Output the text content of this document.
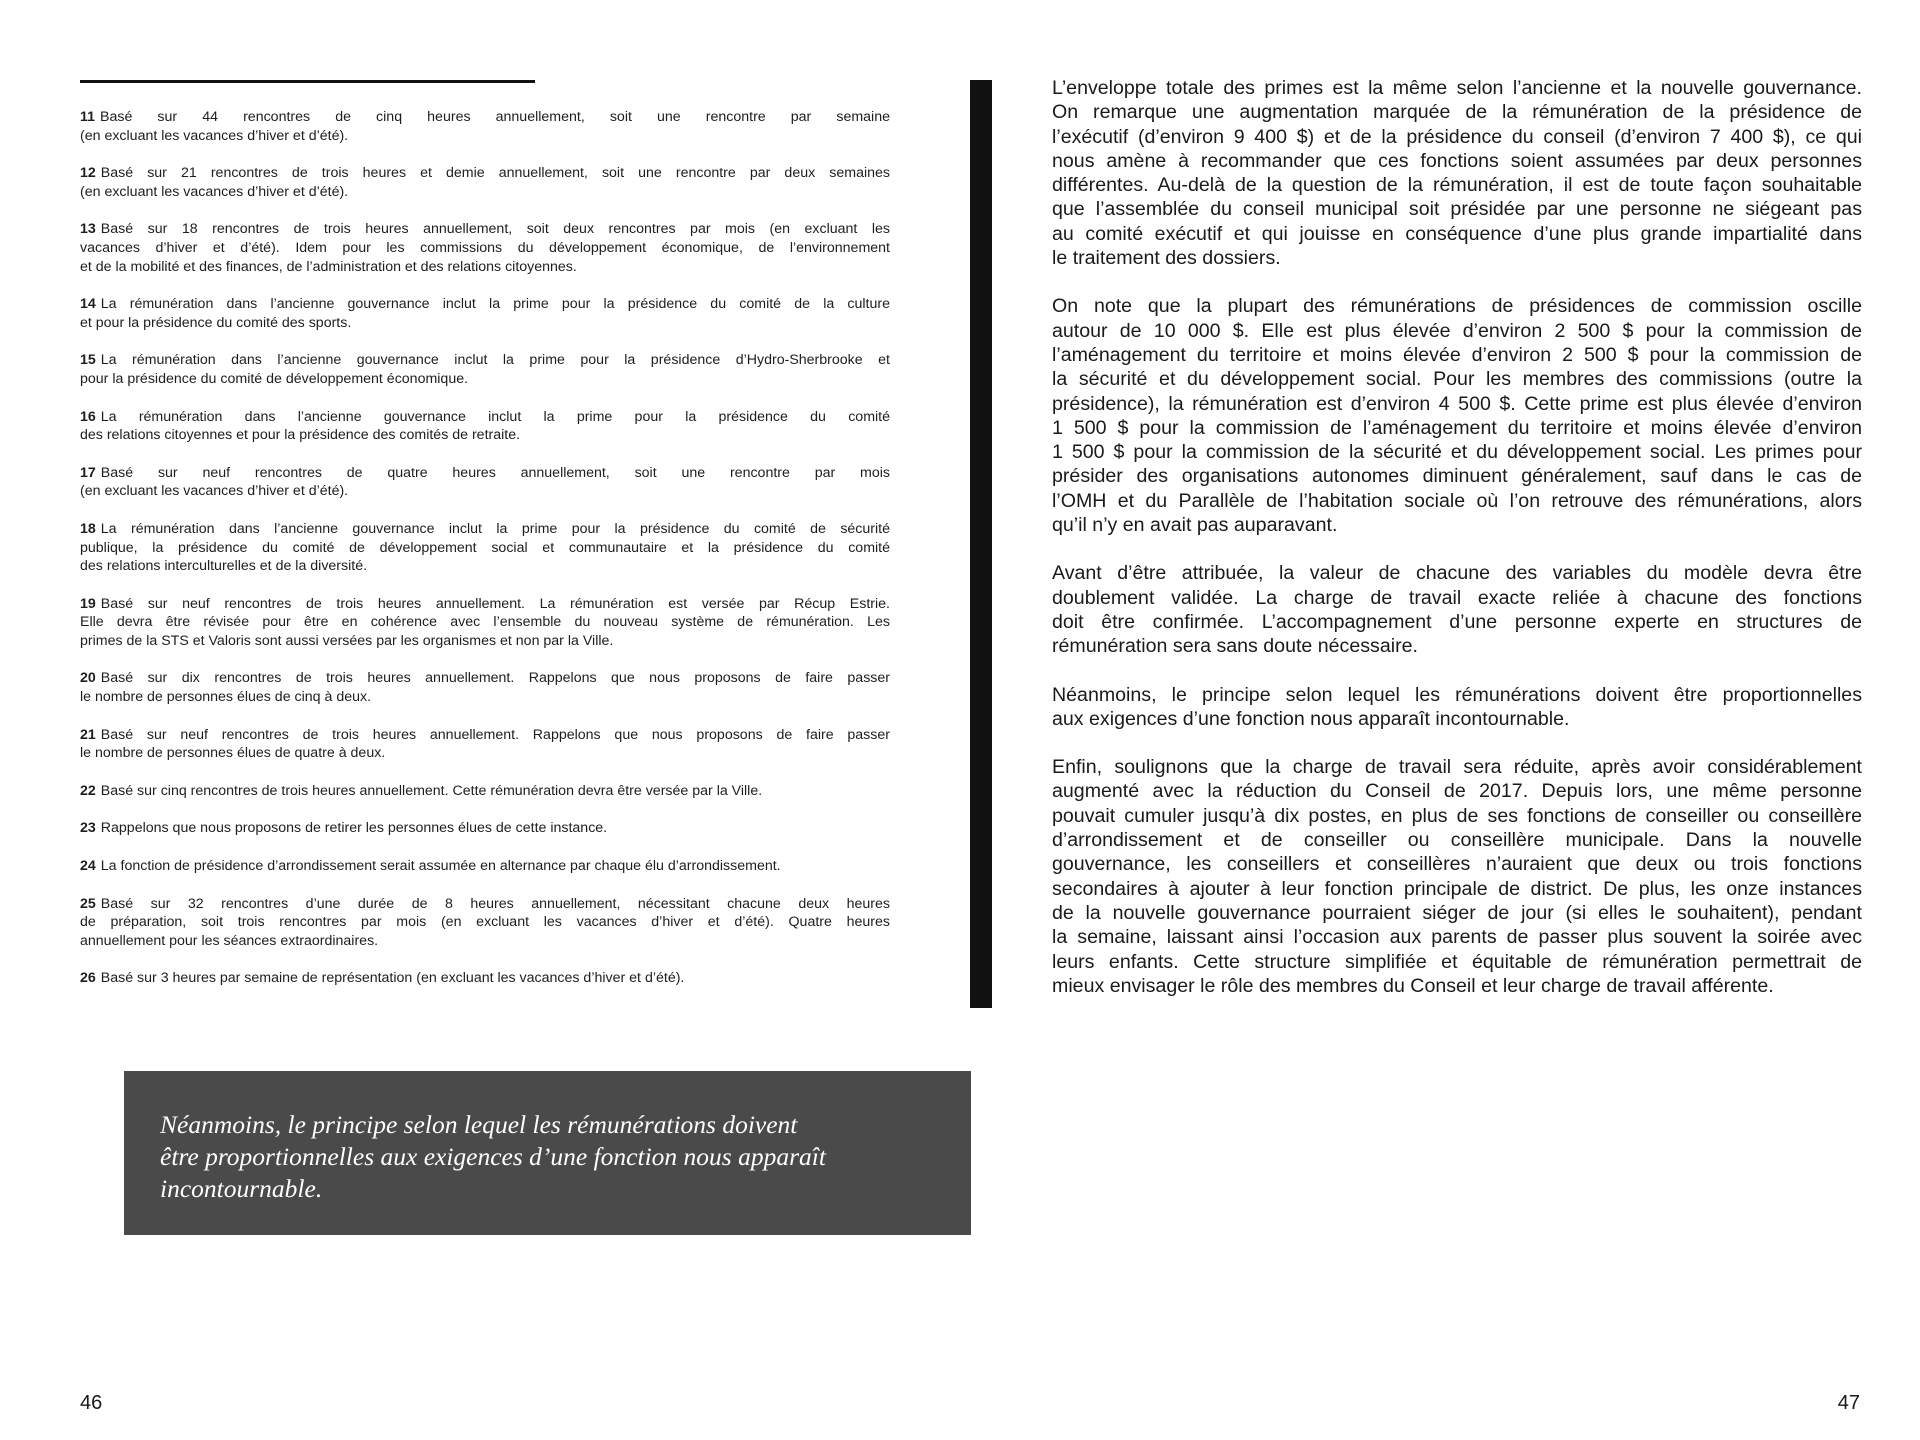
11 Basé sur 44 rencontres de cinq heures annuellement, soit une rencontre par semaine
(en excluant les vacances d’hiver et d’été).
12 Basé sur 21 rencontres de trois heures et demie annuellement, soit une rencontre par deux semaines
(en excluant les vacances d’hiver et d’été).
13 Basé sur 18 rencontres de trois heures annuellement, soit deux rencontres par mois (en excluant les
vacances d’hiver et d’été). Idem pour les commissions du développement économique, de l’environnement
et de la mobilité et des finances, de l’administration et des relations citoyennes.
14 La rémunération dans l’ancienne gouvernance inclut la prime pour la présidence du comité de la culture
et pour la présidence du comité des sports.
15 La rémunération dans l’ancienne gouvernance inclut la prime pour la présidence d’Hydro-Sherbrooke et
pour la présidence du comité de développement économique.
16 La rémunération dans l’ancienne gouvernance inclut la prime pour la présidence du comité
des relations citoyennes et pour la présidence des comités de retraite.
17 Basé sur neuf rencontres de quatre heures annuellement, soit une rencontre par mois
(en excluant les vacances d’hiver et d’été).
18 La rémunération dans l’ancienne gouvernance inclut la prime pour la présidence du comité de sécurité
publique, la présidence du comité de développement social et communautaire et la présidence du comité
des relations interculturelles et de la diversité.
19 Basé sur neuf rencontres de trois heures annuellement. La rémunération est versée par Récup Estrie.
Elle devra être révisée pour être en cohérence avec l’ensemble du nouveau système de rémunération. Les
primes de la STS et Valoris sont aussi versées par les organismes et non par la Ville.
20 Basé sur dix rencontres de trois heures annuellement. Rappelons que nous proposons de faire passer
le nombre de personnes élues de cinq à deux.
21 Basé sur neuf rencontres de trois heures annuellement. Rappelons que nous proposons de faire passer
le nombre de personnes élues de quatre à deux.
22 Basé sur cinq rencontres de trois heures annuellement. Cette rémunération devra être versée par la Ville.
23 Rappelons que nous proposons de retirer les personnes élues de cette instance.
24 La fonction de présidence d’arrondissement serait assumée en alternance par chaque élu d’arrondissement.
25 Basé sur 32 rencontres d’une durée de 8 heures annuellement, nécessitant chacune deux heures
de préparation, soit trois rencontres par mois (en excluant les vacances d’hiver et d’été). Quatre heures
annuellement pour les séances extraordinaires.
26 Basé sur 3 heures par semaine de représentation (en excluant les vacances d’hiver et d’été).
L’enveloppe totale des primes est la même selon l’ancienne et la nouvelle gouvernance.
On remarque une augmentation marquée de la rémunération de la présidence de
l’exécutif (d’environ 9 400 $) et de la présidence du conseil (d’environ 7 400 $), ce qui
nous amène à recommander que ces fonctions soient assumées par deux personnes
différentes. Au-delà de la question de la rémunération, il est de toute façon souhaitable
que l’assemblée du conseil municipal soit présidée par une personne ne siégeant pas
au comité exécutif et qui jouisse en conséquence d’une plus grande impartialité dans
le traitement des dossiers.
On note que la plupart des rémunérations de présidences de commission oscille
autour de 10 000 $. Elle est plus élevée d’environ 2 500 $ pour la commission de
l’aménagement du territoire et moins élevée d’environ 2 500 $ pour la commission de
la sécurité et du développement social. Pour les membres des commissions (outre la
présidence), la rémunération est d’environ 4 500 $. Cette prime est plus élevée d’environ
1 500 $ pour la commission de l’aménagement du territoire et moins élevée d’environ
1 500 $ pour la commission de la sécurité et du développement social. Les primes pour
présider des organisations autonomes diminuent généralement, sauf dans le cas de
l’OMH et du Parallèle de l’habitation sociale où l’on retrouve des rémunérations, alors
qu’il n’y en avait pas auparavant.
Avant d’être attribuée, la valeur de chacune des variables du modèle devra être
doublement validée. La charge de travail exacte reliée à chacune des fonctions
doit être confirmée. L’accompagnement d’une personne experte en structures de
rémunération sera sans doute nécessaire.
Néanmoins, le principe selon lequel les rémunérations doivent être proportionnelles
aux exigences d’une fonction nous apparaît incontournable.
Enfin, soulignons que la charge de travail sera réduite, après avoir considérablement
augmenté avec la réduction du Conseil de 2017. Depuis lors, une même personne
pouvait cumuler jusqu’à dix postes, en plus de ses fonctions de conseiller ou conseillère
d’arrondissement et de conseiller ou conseillère municipale. Dans la nouvelle
gouvernance, les conseillers et conseillères n’auraient que deux ou trois fonctions
secondaires à ajouter à leur fonction principale de district. De plus, les onze instances
de la nouvelle gouvernance pourraient siéger de jour (si elles le souhaitent), pendant
la semaine, laissant ainsi l’occasion aux parents de passer plus souvent la soirée avec
leurs enfants. Cette structure simplifiée et équitable de rémunération permettrait de
mieux envisager le rôle des membres du Conseil et leur charge de travail afférente.
Néanmoins, le principe selon lequel les rémunérations doivent
être proportionnelles aux exigences d’une fonction nous apparaît
incontournable.
46	47
